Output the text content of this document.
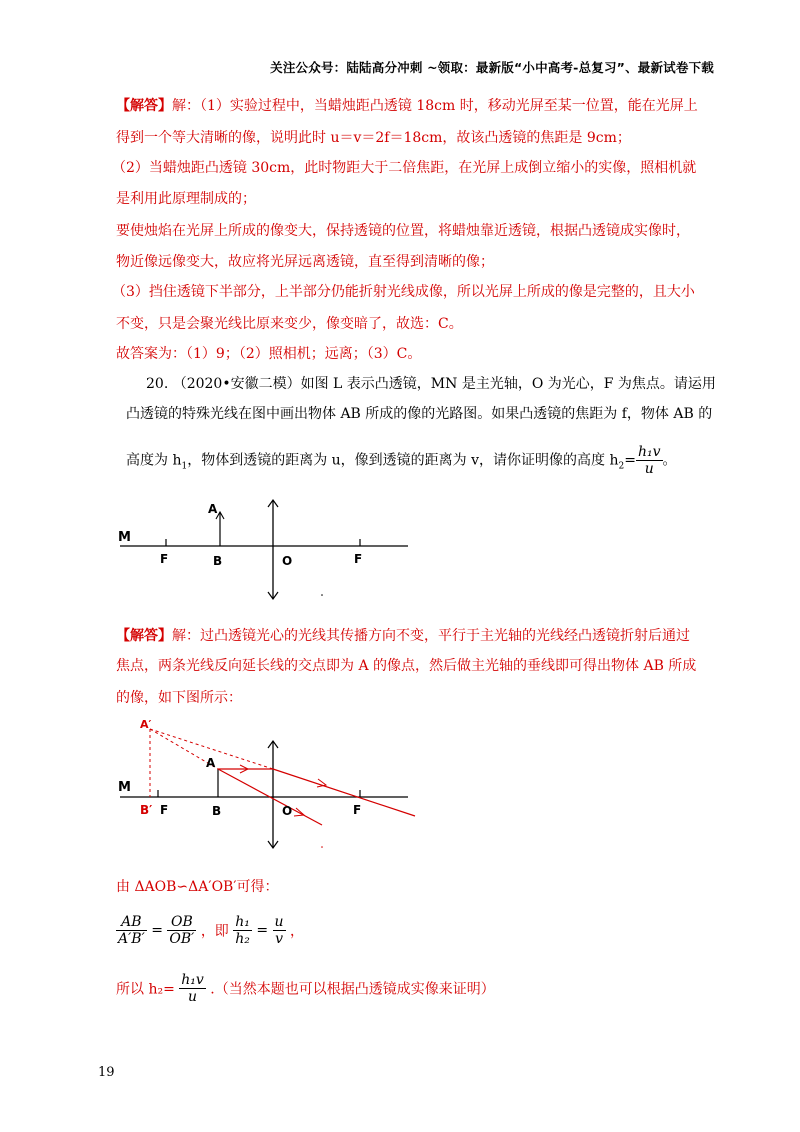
关注公众号：陆陆高分冲刺 ~领取：最新版“小中高考-总复习”、最新试卷下载
【解答】解：（1）实验过程中，当蜡烛距凸透镜 18cm 时，移动光屏至某一位置，能在光屏上
得到一个等大清晰的像，说明此时 u＝v＝2f＝18cm，故该凸透镜的焦距是 9cm；
（2）当蜡烛距凸透镜 30cm，此时物距大于二倍焦距，在光屏上成倒立缩小的实像，照相机就
是利用此原理制成的；
要使烛焰在光屏上所成的像变大，保持透镜的位置，将蜡烛靠近透镜，根据凸透镜成实像时，
物近像远像变大，故应将光屏远离透镜，直至得到清晰的像；
（3）挡住透镜下半部分，上半部分仍能折射光线成像，所以光屏上所成的像是完整的，且大小
不变，只是会聚光线比原来变少，像变暗了，故选：C。
故答案为：（1）9；（2）照相机；远离；（3）C。
20. （2020•安徽二模）如图 L 表示凸透镜，MN 是主光轴，O 为光心，F 为焦点。请运用
凸透镜的特殊光线在图中画出物体 AB 所成的像的光路图。如果凸透镜的焦距为 f，物体 AB 的
高度为 $h_1$，物体到透镜的距离为 u，像到透镜的距离为 v，请你证明像的高度 $h_2= \frac{\text{h₁v}}{u}$ 。
M
F	B	O	F
A
【解答】解：过凸透镜光心的光线其传播方向不变，平行于主光轴的光线经凸透镜折射后通过
焦点，两条光线反向延长线的交点即为 A 的像点，然后做主光轴的垂线即可得出物体 AB 所成
的像，如下图所示：
A′
A
M
B′ F	B	O	F
由 ΔAOB∽ΔA′OB′可得：
$\frac{AB}{A'B'} = \frac{OB}{OB'}$ ，即 $\frac{\text{h₁}}{\text{h₂}} = \frac{u}{v}$ ，
所以 $h_2= \frac{\text{h₁v}}{u}$ .（当然本题也可以根据凸透镜成实像来证明）
19
